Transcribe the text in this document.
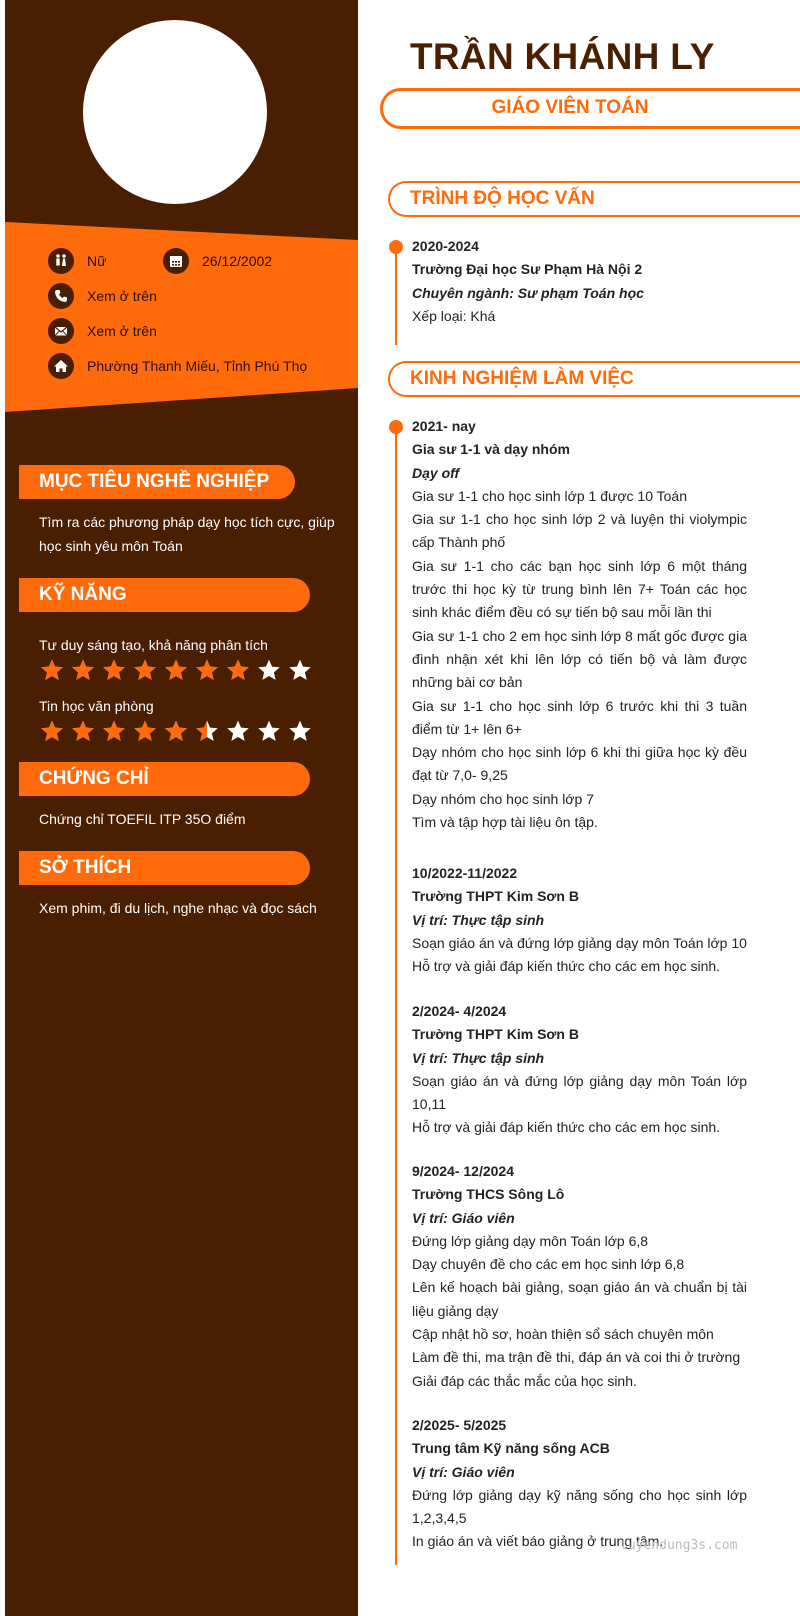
Nữ	26/12/2002
Xem ở trên
Xem ở trên
Phường Thanh Miếu, Tỉnh Phú Thọ
MỤC TIÊU NGHỀ NGHIỆP
Tìm ra các phương pháp dạy học tích cực, giúp học sinh yêu môn Toán
KỸ NĂNG
Tư duy sáng tạo, khả năng phân tích
Tin học văn phòng
CHỨNG CHỈ
Chứng chỉ TOEFIL ITP 35O điểm
SỞ THÍCH
Xem phim, đi du lịch, nghe nhạc và đọc sách
TRẦN KHÁNH LY
GIÁO VIÊN TOÁN
TRÌNH ĐỘ HỌC VẤN
2020-2024
Trường Đại học Sư Phạm Hà Nội 2
Chuyên ngành: Sư phạm Toán học
Xếp loại: Khá
KINH NGHIỆM LÀM VIỆC
2021- nay
Gia sư 1-1 và dạy nhóm
Dạy off
Gia sư 1-1 cho học sinh lớp 1 được 10 Toán
Gia sư 1-1 cho học sinh lớp 2 và luyện thi violympic cấp Thành phố
Gia sư 1-1 cho các bạn học sinh lớp 6 một tháng trước thi học kỳ từ trung bình lên 7+ Toán các học sinh khác điểm đều có sự tiến bộ sau mỗi lần thi
Gia sư 1-1 cho 2 em học sinh lớp 8 mất gốc được gia đình nhận xét khi lên lớp có tiến bộ và làm được những bài cơ bản
Gia sư 1-1 cho học sinh lớp 6 trước khi thi 3 tuần điểm từ 1+ lên 6+
Dạy nhóm cho học sinh lớp 6 khi thi giữa học kỳ đều đạt từ 7,0- 9,25
Dạy nhóm cho học sinh lớp 7
Tìm và tập hợp tài liệu ôn tập.
10/2022-11/2022
Trường THPT Kim Sơn B
Vị trí: Thực tập sinh
Soạn giáo án và đứng lớp giảng dạy môn Toán lớp 10
Hỗ trợ và giải đáp kiến thức cho các em học sinh.
2/2024- 4/2024
Trường THPT Kim Sơn B
Vị trí: Thực tập sinh
Soạn giáo án và đứng lớp giảng dạy môn Toán lớp 10,11
Hỗ trợ và giải đáp kiến thức cho các em học sinh.
9/2024- 12/2024
Trường THCS Sông Lô
Vị trí: Giáo viên
Đứng lớp giảng dạy môn Toán lớp 6,8
Dạy chuyên đề cho các em học sinh lớp 6,8
Lên kế hoạch bài giảng, soạn giáo án và chuẩn bị tài liệu giảng dạy
Cập nhật hồ sơ, hoàn thiện sổ sách chuyên môn
Làm đề thi, ma trận đề thi, đáp án và coi thi ở trường
Giải đáp các thắc mắc của học sinh.
2/2025- 5/2025
Trung tâm Kỹ năng sống ACB
Vị trí: Giáo viên
Đứng lớp giảng dạy kỹ năng sống cho học sinh lớp 1,2,3,4,5
In giáo án và viết báo giảng ở trung tâm.
tuyendung3s.com
